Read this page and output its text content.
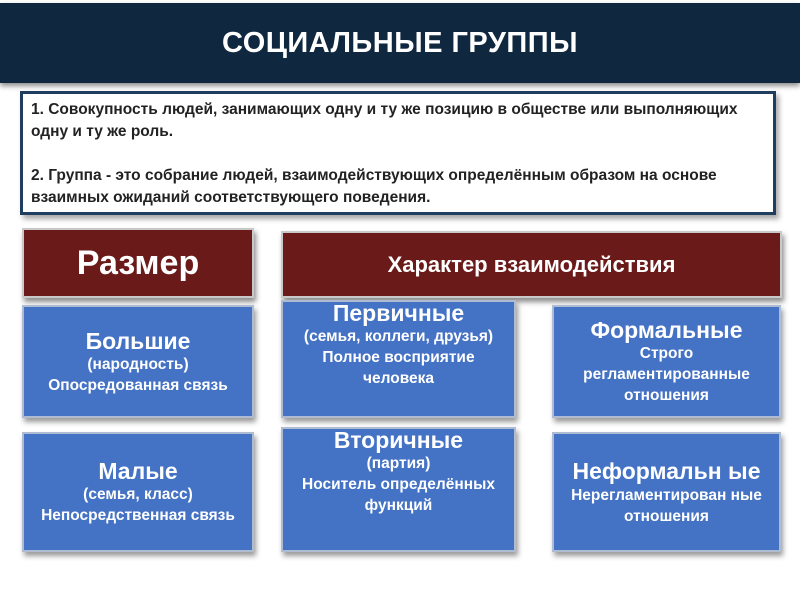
СОЦИАЛЬНЫЕ ГРУППЫ

1. Совокупность людей, занимающих одну и ту же позицию в обществе или выполняющих одну и ту же роль.

2. Группа - это собрание людей, взаимодействующих определённым образом на основе взаимных ожиданий соответствующего поведения.

Размер	Характер взаимодействия
Большие
(народность)
Опосредованная связь
Первичные
(семья, коллеги, друзья)
Полное восприятие человека
Формальные
Строго регламентированные отношения
Малые
(семья, класс)
Непосредственная связь
Вторичные
(партия)
Носитель определённых функций
Неформальн ые
Нерегламентирован ные отношения
